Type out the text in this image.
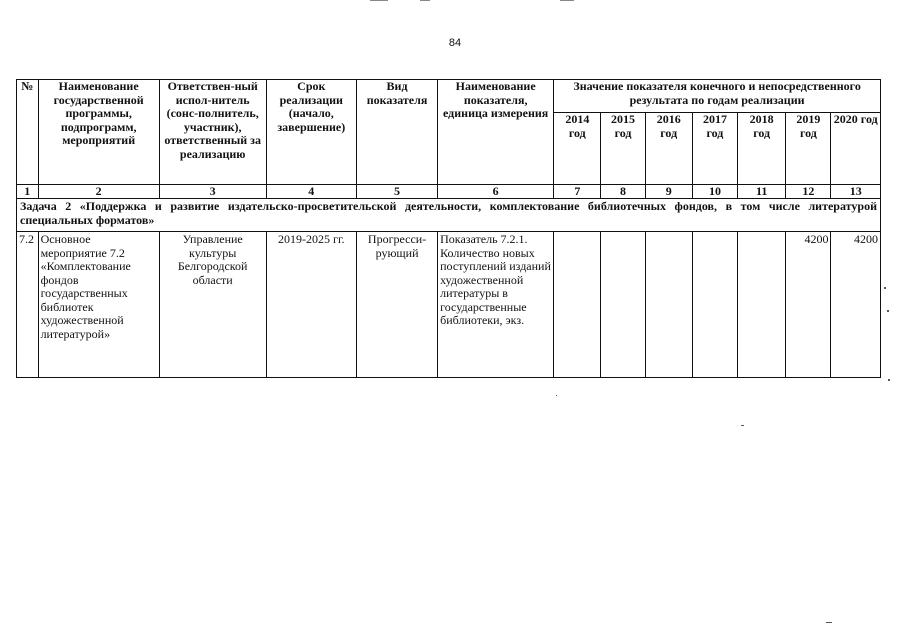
84
№	Наименование государственной программы, подпрограмм, мероприятий	Ответствен-ный испол-нитель (сонс-полнитель, участник), ответственный за реализацию	Срок реализации (начало, завершение)	Вид показателя	Наименование показателя, единица измерения	Значение показателя конечного и непосредственного результата по годам реализации						
						2014 год	2015 год	2016 год	2017 год	2018 год	2019 год	2020 год
1	2	3	4	5	6	7	8	9	10	11	12	13
Задача 2 «Поддержка и развитие издательско-просветительской деятельности, комплектование библиотечных фондов, в том числе литературой специальных форматов»												
7.2	Основное мероприятие 7.2 «Комплектование фондов государственных библиотек художественной литературой»	Управление культуры Белгородской области	2019-2025 гг.	Прогресси-рующий	Показатель 7.2.1. Количество новых поступлений изданий художественной литературы в государственные библиотеки, экз.						4200	4200
